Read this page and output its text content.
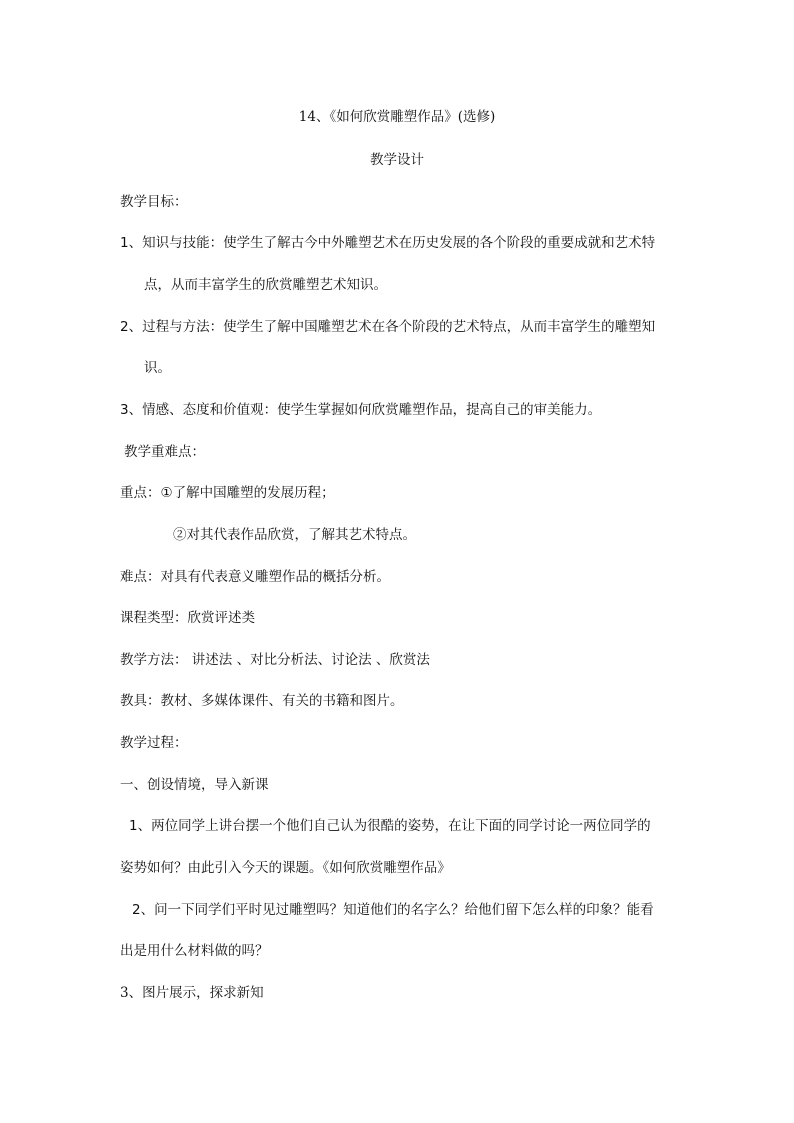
14、《如何欣赏雕塑作品》(选修)
教学设计
教学目标：
1、知识与技能：使学生了解古今中外雕塑艺术在历史发展的各个阶段的重要成就和艺术特
点，从而丰富学生的欣赏雕塑艺术知识。
2、过程与方法：使学生了解中国雕塑艺术在各个阶段的艺术特点，从而丰富学生的雕塑知
识。
3、情感、态度和价值观：使学生掌握如何欣赏雕塑作品，提高自己的审美能力。
教学重难点：
重点：①了解中国雕塑的发展历程；
②对其代表作品欣赏，了解其艺术特点。
难点：对具有代表意义雕塑作品的概括分析。
课程类型：欣赏评述类
教学方法： 讲述法 、对比分析法、讨论法 、欣赏法
教具：教材、多媒体课件、有关的书籍和图片。
教学过程：
一、创设情境，导入新课
1、两位同学上讲台摆一个他们自己认为很酷的姿势，在让下面的同学讨论一两位同学的
姿势如何？由此引入今天的课题。《如何欣赏雕塑作品》
2、问一下同学们平时见过雕塑吗？知道他们的名字么？给他们留下怎么样的印象？能看
出是用什么材料做的吗？
3、图片展示，探求新知
